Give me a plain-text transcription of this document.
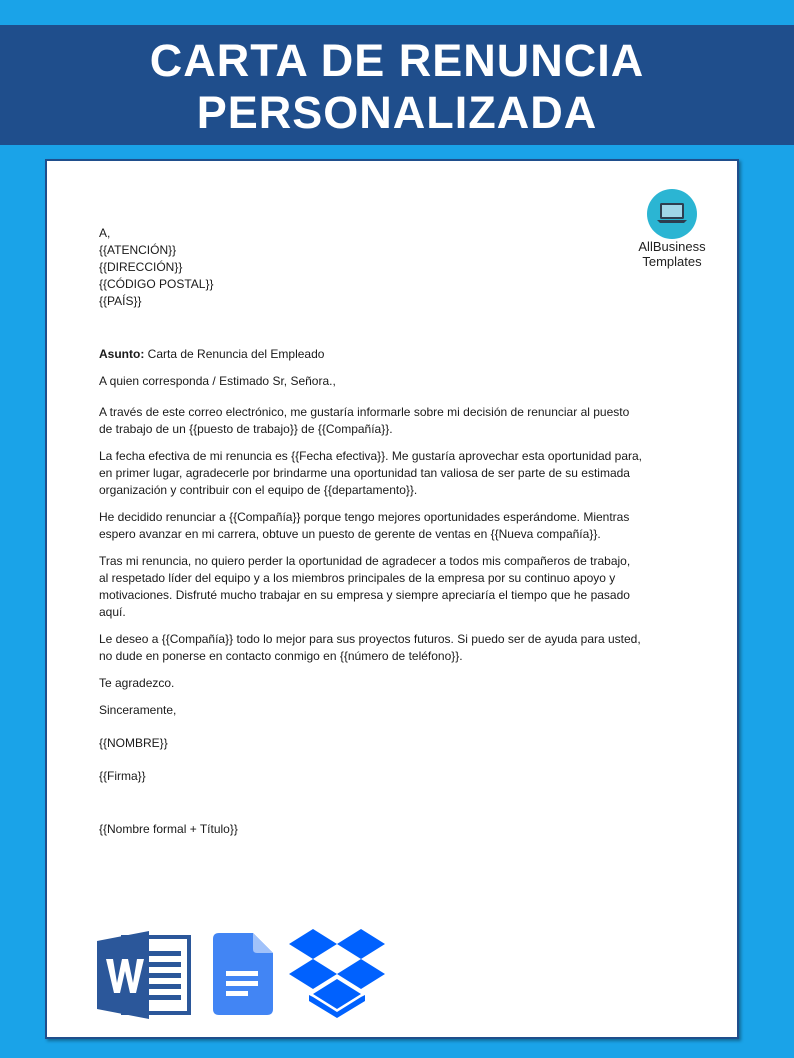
CARTA DE RENUNCIA
PERSONALIZADA
AllBusiness
Templates

A,

{{ATENCIÓN}}

{{DIRECCIÓN}}

{{CÓDIGO POSTAL}}

{{PAÍS}}

Asunto: Carta de Renuncia del Empleado

A quien corresponda / Estimado Sr, Señora.,

A través de este correo electrónico, me gustaría informarle sobre mi decisión de renunciar al puesto

de trabajo de un {{puesto de trabajo}} de {{Compañía}}.

La fecha efectiva de mi renuncia es {{Fecha efectiva}}. Me gustaría aprovechar esta oportunidad para,

en primer lugar, agradecerle por brindarme una oportunidad tan valiosa de ser parte de su estimada

organización y contribuir con el equipo de {{departamento}}.

He decidido renunciar a {{Compañía}} porque tengo mejores oportunidades esperándome. Mientras

espero avanzar en mi carrera, obtuve un puesto de gerente de ventas en {{Nueva compañía}}.

Tras mi renuncia, no quiero perder la oportunidad de agradecer a todos mis compañeros de trabajo,

al respetado líder del equipo y a los miembros principales de la empresa por su continuo apoyo y

motivaciones. Disfruté mucho trabajar en su empresa y siempre apreciaría el tiempo que he pasado

aquí.

Le deseo a {{Compañía}} todo lo mejor para sus proyectos futuros. Si puedo ser de ayuda para usted,

no dude en ponerse en contacto conmigo en {{número de teléfono}}.

Te agradezco.

Sinceramente,

{{NOMBRE}}

{{Firma}}

{{Nombre formal + Título}}
